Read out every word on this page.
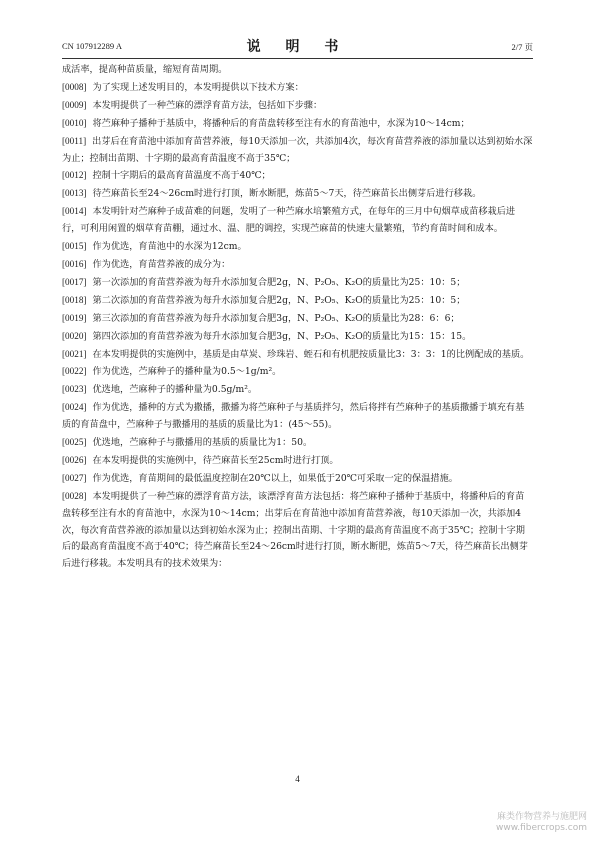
CN 107912289 A	说 明 书	2/7 页

成活率，提高种苗质量，缩短育苗周期。

[0008] 为了实现上述发明目的，本发明提供以下技术方案：

[0009] 本发明提供了一种苎麻的漂浮育苗方法，包括如下步骤：

[0010] 将苎麻种子播种于基质中，将播种后的育苗盘转移至注有水的育苗池中，水深为10～14cm；

[0011] 出芽后在育苗池中添加育苗营养液，每10天添加一次，共添加4次，每次育苗营养液的添加量以达到初始水深为止；控制出苗期、十字期的最高育苗温度不高于35℃；

[0012] 控制十字期后的最高育苗温度不高于40℃；

[0013] 待苎麻苗长至24～26cm时进行打顶，断水断肥，炼苗5～7天，待苎麻苗长出侧芽后进行移栽。

[0014] 本发明针对苎麻种子成苗难的问题，发明了一种苎麻水培繁殖方式，在每年的三月中旬烟草成苗移栽后进行，可利用闲置的烟草育苗棚，通过水、温、肥的调控，实现苎麻苗的快速大量繁殖，节约育苗时间和成本。

[0015] 作为优选，育苗池中的水深为12cm。

[0016] 作为优选，育苗营养液的成分为：

[0017] 第一次添加的育苗营养液为每升水添加复合肥2g，N、P₂O₅、K₂O的质量比为25：10：5；

[0018] 第二次添加的育苗营养液为每升水添加复合肥2g，N、P₂O₅、K₂O的质量比为25：10：5；

[0019] 第三次添加的育苗营养液为每升水添加复合肥3g，N、P₂O₅、K₂O的质量比为28：6：6；

[0020] 第四次添加的育苗营养液为每升水添加复合肥3g，N、P₂O₅、K₂O的质量比为15：15：15。

[0021] 在本发明提供的实施例中，基质是由草炭、珍珠岩、蛭石和有机肥按质量比3：3：3：1的比例配成的基质。

[0022] 作为优选，苎麻种子的播种量为0.5～1g/m²。

[0023] 优选地，苎麻种子的播种量为0.5g/m²。

[0024] 作为优选，播种的方式为撒播，撒播为将苎麻种子与基质拌匀，然后将拌有苎麻种子的基质撒播于填充有基质的育苗盘中，苎麻种子与撒播用的基质的质量比为1：(45～55)。

[0025] 优选地，苎麻种子与撒播用的基质的质量比为1：50。

[0026] 在本发明提供的实施例中，待苎麻苗长至25cm时进行打顶。

[0027] 作为优选，育苗期间的最低温度控制在20℃以上，如果低于20℃可采取一定的保温措施。

[0028] 本发明提供了一种苎麻的漂浮育苗方法，该漂浮育苗方法包括：将苎麻种子播种于基质中，将播种后的育苗盘转移至注有水的育苗池中，水深为10～14cm；出芽后在育苗池中添加育苗营养液，每10天添加一次，共添加4次，每次育苗营养液的添加量以达到初始水深为止；控制出苗期、十字期的最高育苗温度不高于35℃；控制十字期后的最高育苗温度不高于40℃；待苎麻苗长至24～26cm时进行打顶，断水断肥，炼苗5～7天，待苎麻苗长出侧芽后进行移栽。本发明具有的技术效果为：

4
麻类作物营养与施肥网
www.fibercrops.com
